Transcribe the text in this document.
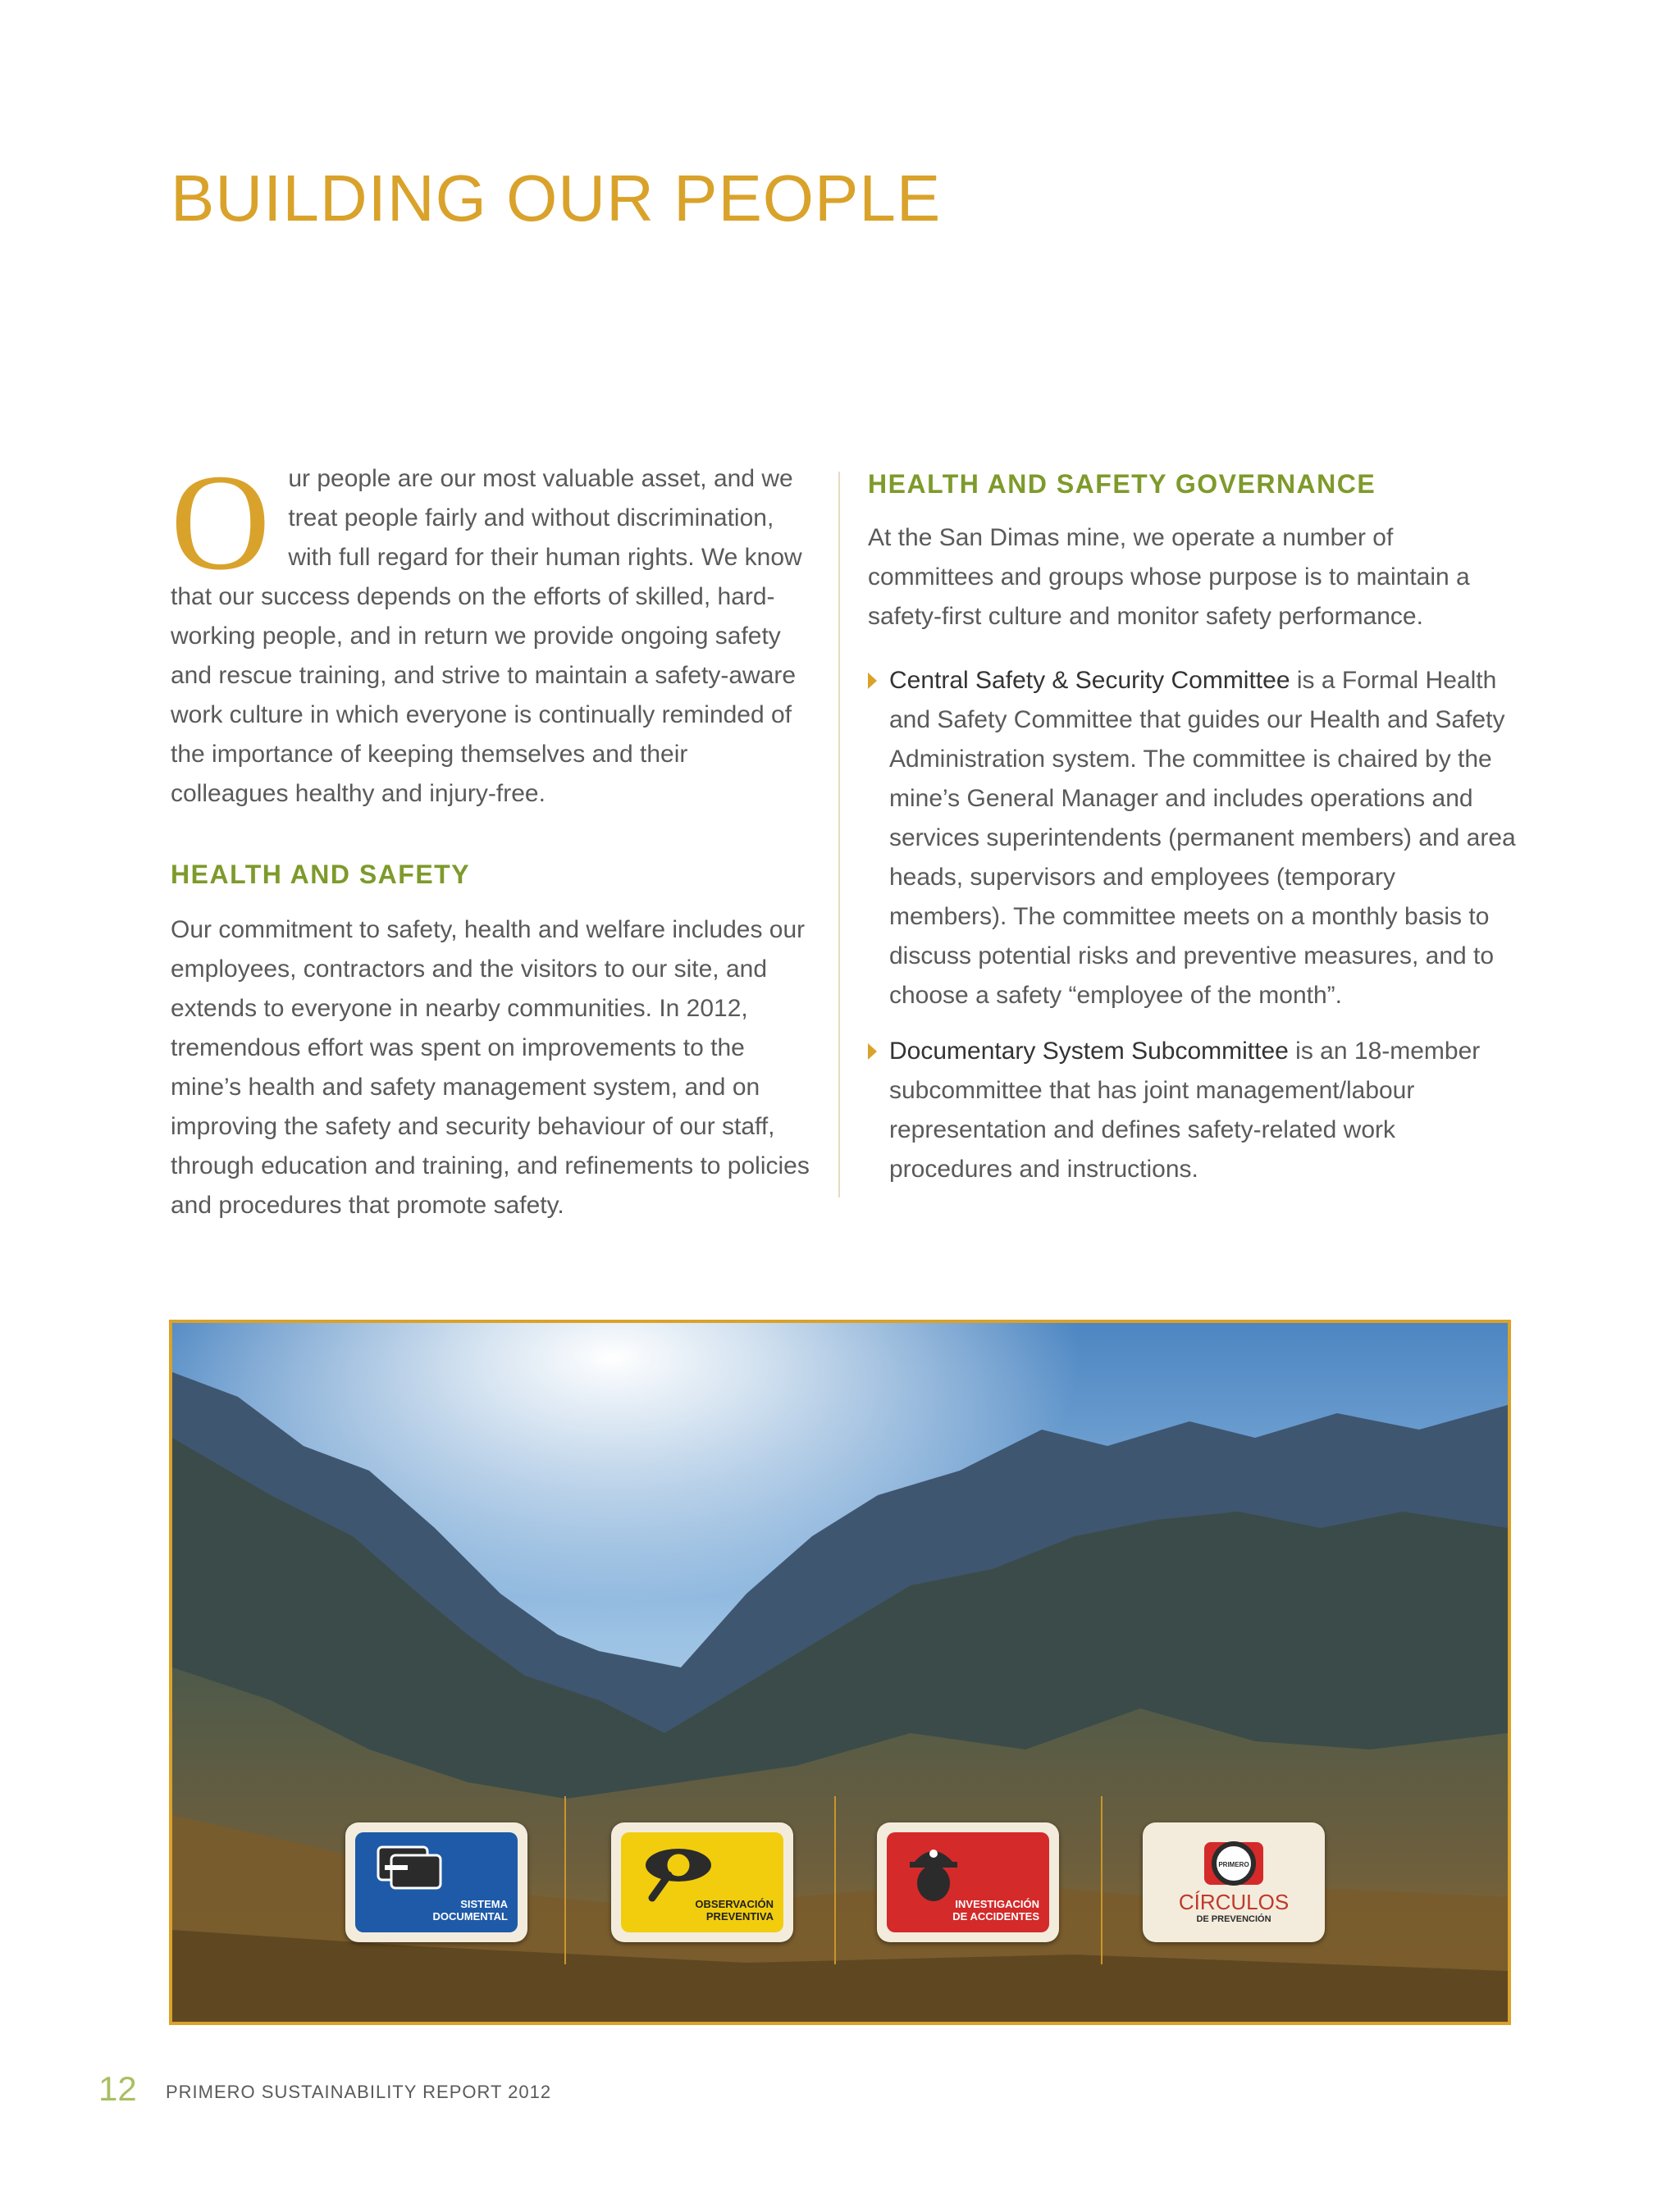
BUILDING OUR PEOPLE

O ur people are our most valuable asset, and we treat people fairly and without discrimination, with full regard for their human rights. We know that our success depends on the efforts of skilled, hard-working people, and in return we provide ongoing safety and rescue training, and strive to maintain a safety-aware work culture in which everyone is continually reminded of the importance of keeping themselves and their colleagues healthy and injury-free.

HEALTH AND SAFETY

Our commitment to safety, health and welfare includes our employees, contractors and the visitors to our site, and extends to everyone in nearby communities. In 2012, tremendous effort was spent on improvements to the mine’s health and safety management system, and on improving the safety and security behaviour of our staff, through education and training, and refinements to policies and procedures that promote safety.

HEALTH AND SAFETY GOVERNANCE

At the San Dimas mine, we operate a number of committees and groups whose purpose is to maintain a safety-first culture and monitor safety performance.

Central Safety & Security Committee is a Formal Health and Safety Committee that guides our Health and Safety Administration system. The committee is chaired by the mine’s General Manager and includes operations and services superintendents (permanent members) and area heads, supervisors and employees (temporary members). The committee meets on a monthly basis to discuss potential risks and preventive measures, and to choose a safety “employee of the month”.
Documentary System Subcommittee is an 18-member subcommittee that has joint management/labour representation and defines safety-related work procedures and instructions.
SISTEMA
DOCUMENTAL
OBSERVACIÓN
PREVENTIVA
INVESTIGACIÓN
DE ACCIDENTES
PRIMERO
CÍRCULOS
DE PREVENCIÓN
12 PRIMERO SUSTAINABILITY REPORT 2012
